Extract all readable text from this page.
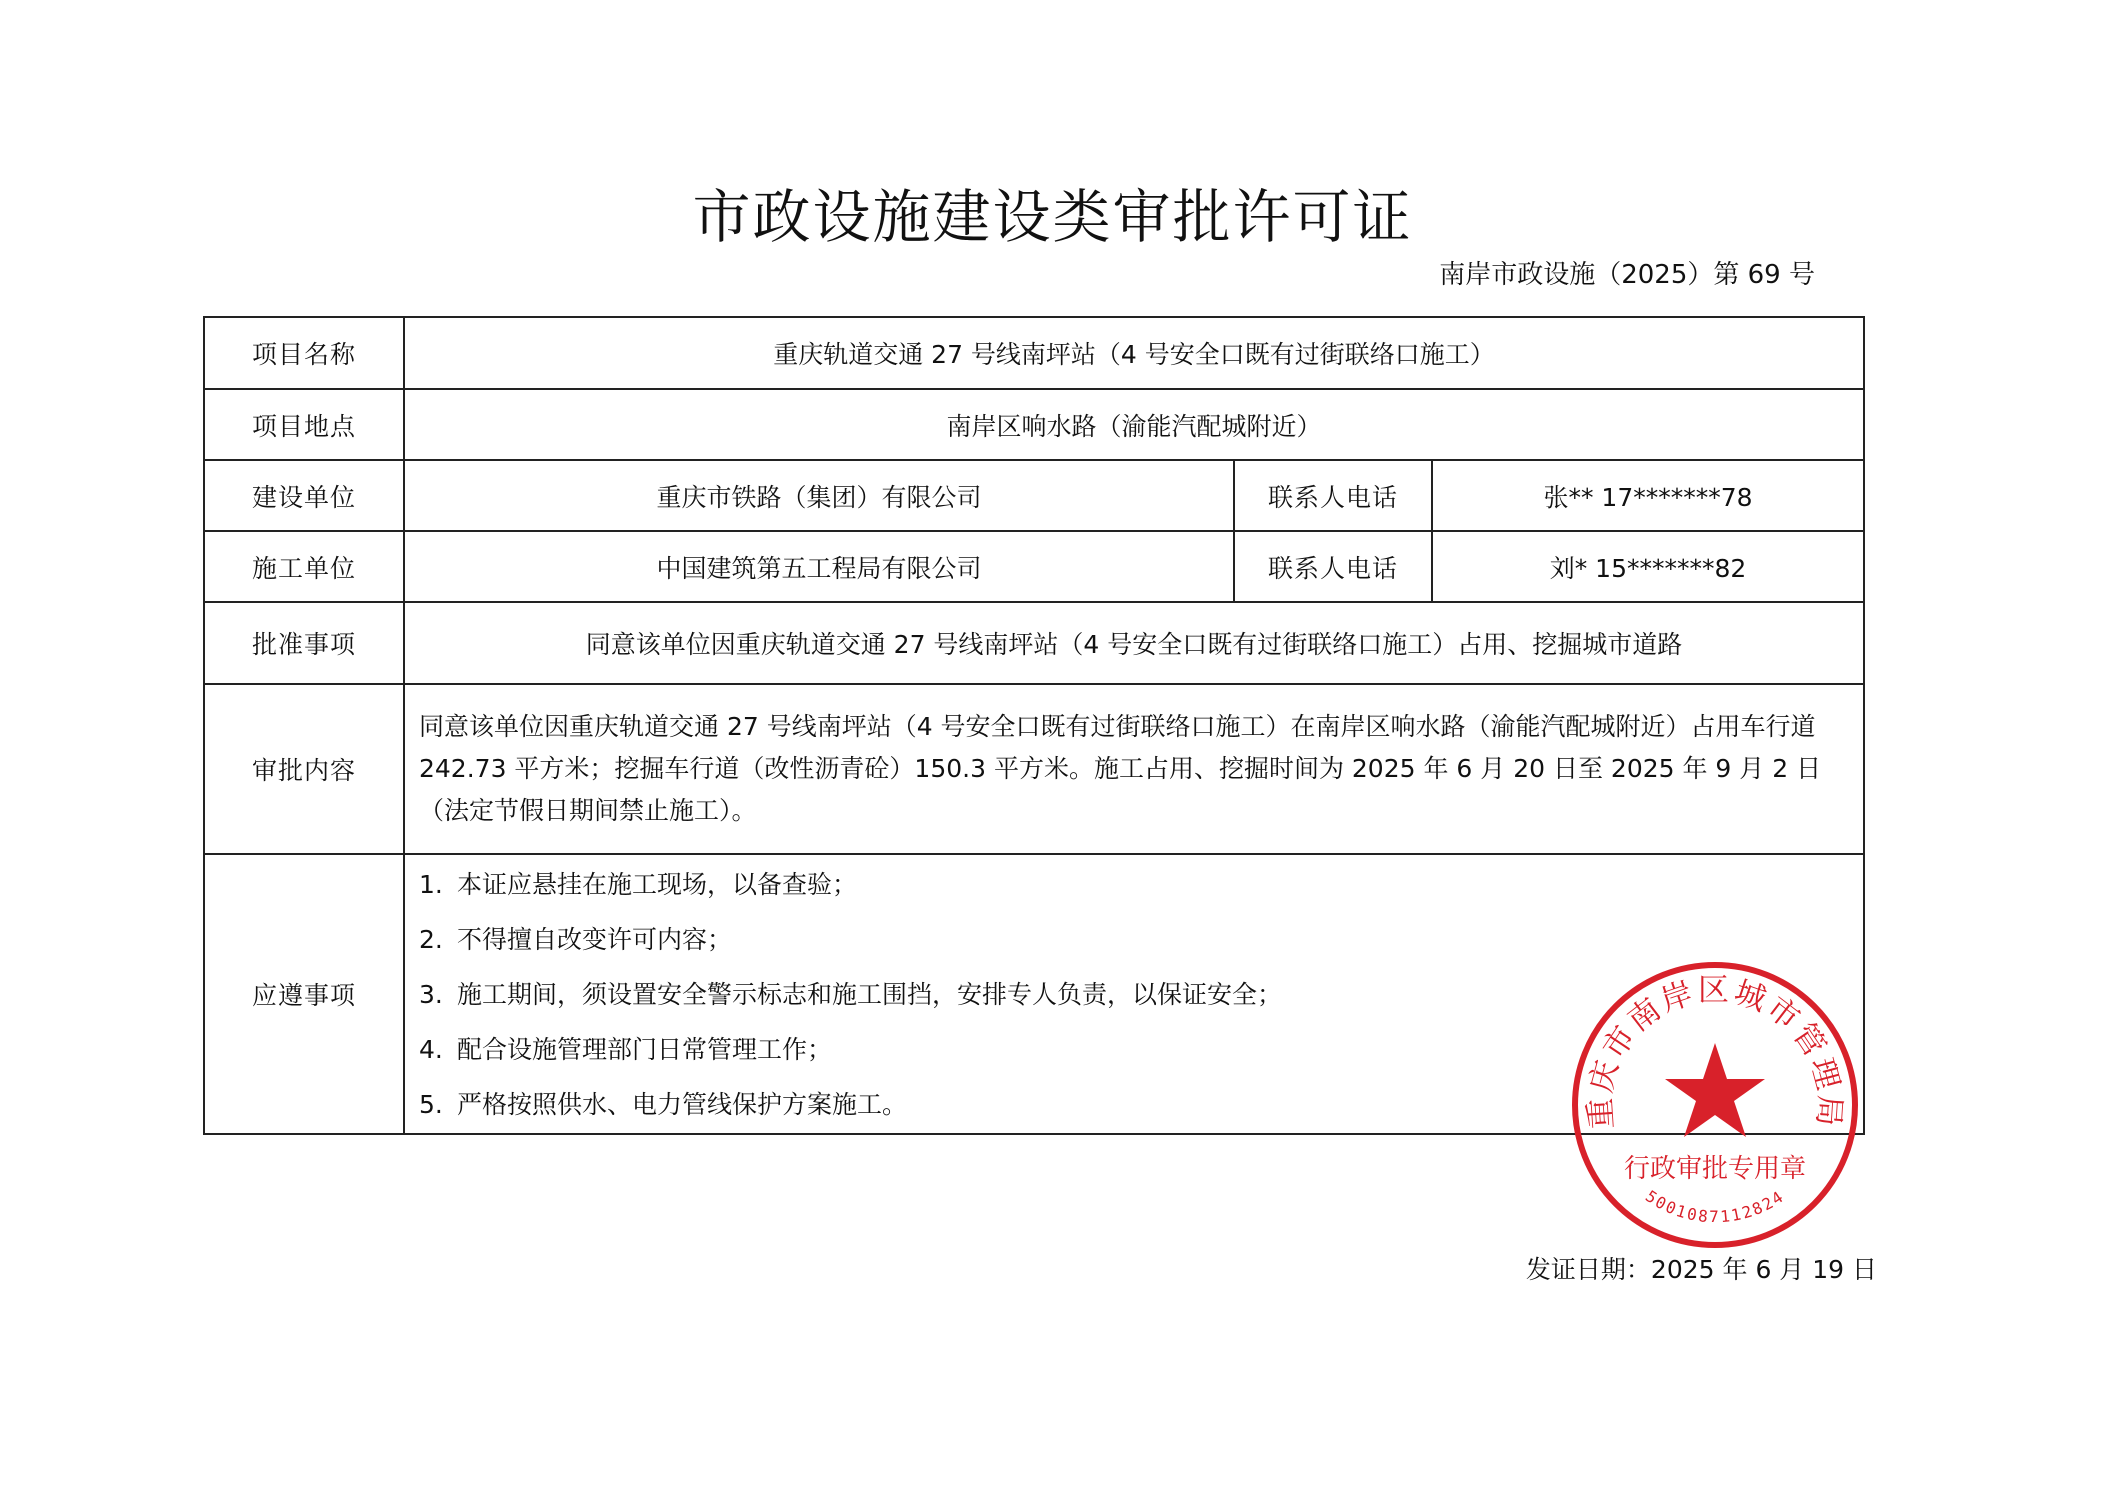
市政设施建设类审批许可证
南岸市政设施（2025）第 69 号
项目名称	重庆轨道交通 27 号线南坪站（4 号安全口既有过街联络口施工）		
项目地点	南岸区响水路（渝能汽配城附近）		
建设单位	重庆市铁路（集团）有限公司	联系人电话	张** 17*******78
施工单位	中国建筑第五工程局有限公司	联系人电话	刘* 15*******82
批准事项	同意该单位因重庆轨道交通 27 号线南坪站（4 号安全口既有过街联络口施工）占用、挖掘城市道路		
审批内容	同意该单位因重庆轨道交通 27 号线南坪站（4 号安全口既有过街联络口施工）在南岸区响水路（渝能汽配城附近）占用车行道 242.73 平方米；挖掘车行道（改性沥青砼）150.3 平方米。施工占用、挖掘时间为 2025 年 6 月 20 日至 2025 年 9 月 2 日（法定节假日期间禁止施工）。		
应遵事项	1. 本证应悬挂在施工现场，以备查验；
2. 不得擅自改变许可内容；
3. 施工期间，须设置安全警示标志和施工围挡，安排专人负责，以保证安全；
4. 配合设施管理部门日常管理工作；
5. 严格按照供水、电力管线保护方案施工。			重庆市南岸区城市管理局
行政审批专用章
5001087112824
发证日期：2025 年 6 月 19 日
